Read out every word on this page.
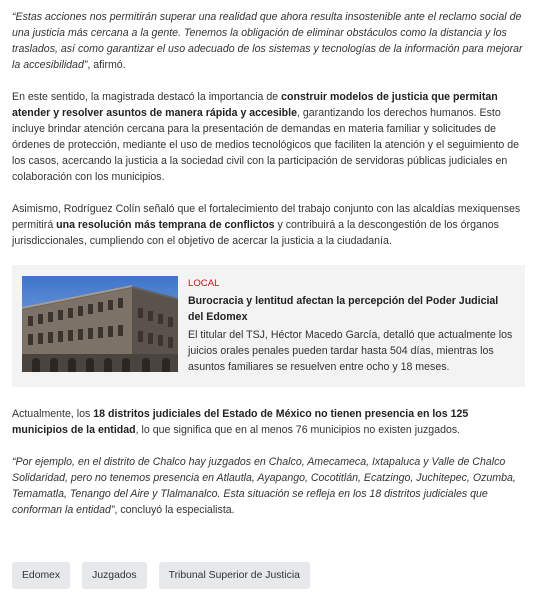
“Estas acciones nos permitirán superar una realidad que ahora resulta insostenible ante el reclamo social de una justicia más cercana a la gente. Tenemos la obligación de eliminar obstáculos como la distancia y los traslados, así como garantizar el uso adecuado de los sistemas y tecnologías de la información para mejorar la accesibilidad”, afirmó.

En este sentido, la magistrada destacó la importancia de construir modelos de justicia que permitan atender y resolver asuntos de manera rápida y accesible, garantizando los derechos humanos. Esto incluye brindar atención cercana para la presentación de demandas en materia familiar y solicitudes de órdenes de protección, mediante el uso de medios tecnológicos que faciliten la atención y el seguimiento de los casos, acercando la justicia a la sociedad civil con la participación de servidoras públicas judiciales en colaboración con los municipios.

Asimismo, Rodríguez Colín señaló que el fortalecimiento del trabajo conjunto con las alcaldías mexiquenses permitirá una resolución más temprana de conflictos y contribuirá a la descongestión de los órganos jurisdiccionales, cumpliendo con el objetivo de acercar la justicia a la ciudadanía.

LOCAL
Burocracia y lentitud afectan la percepción del Poder Judicial del Edomex
El titular del TSJ, Héctor Macedo García, detalló que actualmente los juicios orales penales pueden tardar hasta 504 días, mientras los asuntos familiares se resuelven entre ocho y 18 meses.

Actualmente, los 18 distritos judiciales del Estado de México no tienen presencia en los 125 municipios de la entidad, lo que significa que en al menos 76 municipios no existen juzgados.

“Por ejemplo, en el distrito de Chalco hay juzgados en Chalco, Amecameca, Ixtapaluca y Valle de Chalco Solidaridad, pero no tenemos presencia en Atlautla, Ayapango, Cocotitlán, Ecatzingo, Juchitepec, Ozumba, Temamatla, Tenango del Aire y Tlalmanalco. Esta situación se refleja en los 18 distritos judiciales que conforman la entidad”, concluyó la especialista.

Edomex	Juzgados	Tribunal Superior de Justicia
